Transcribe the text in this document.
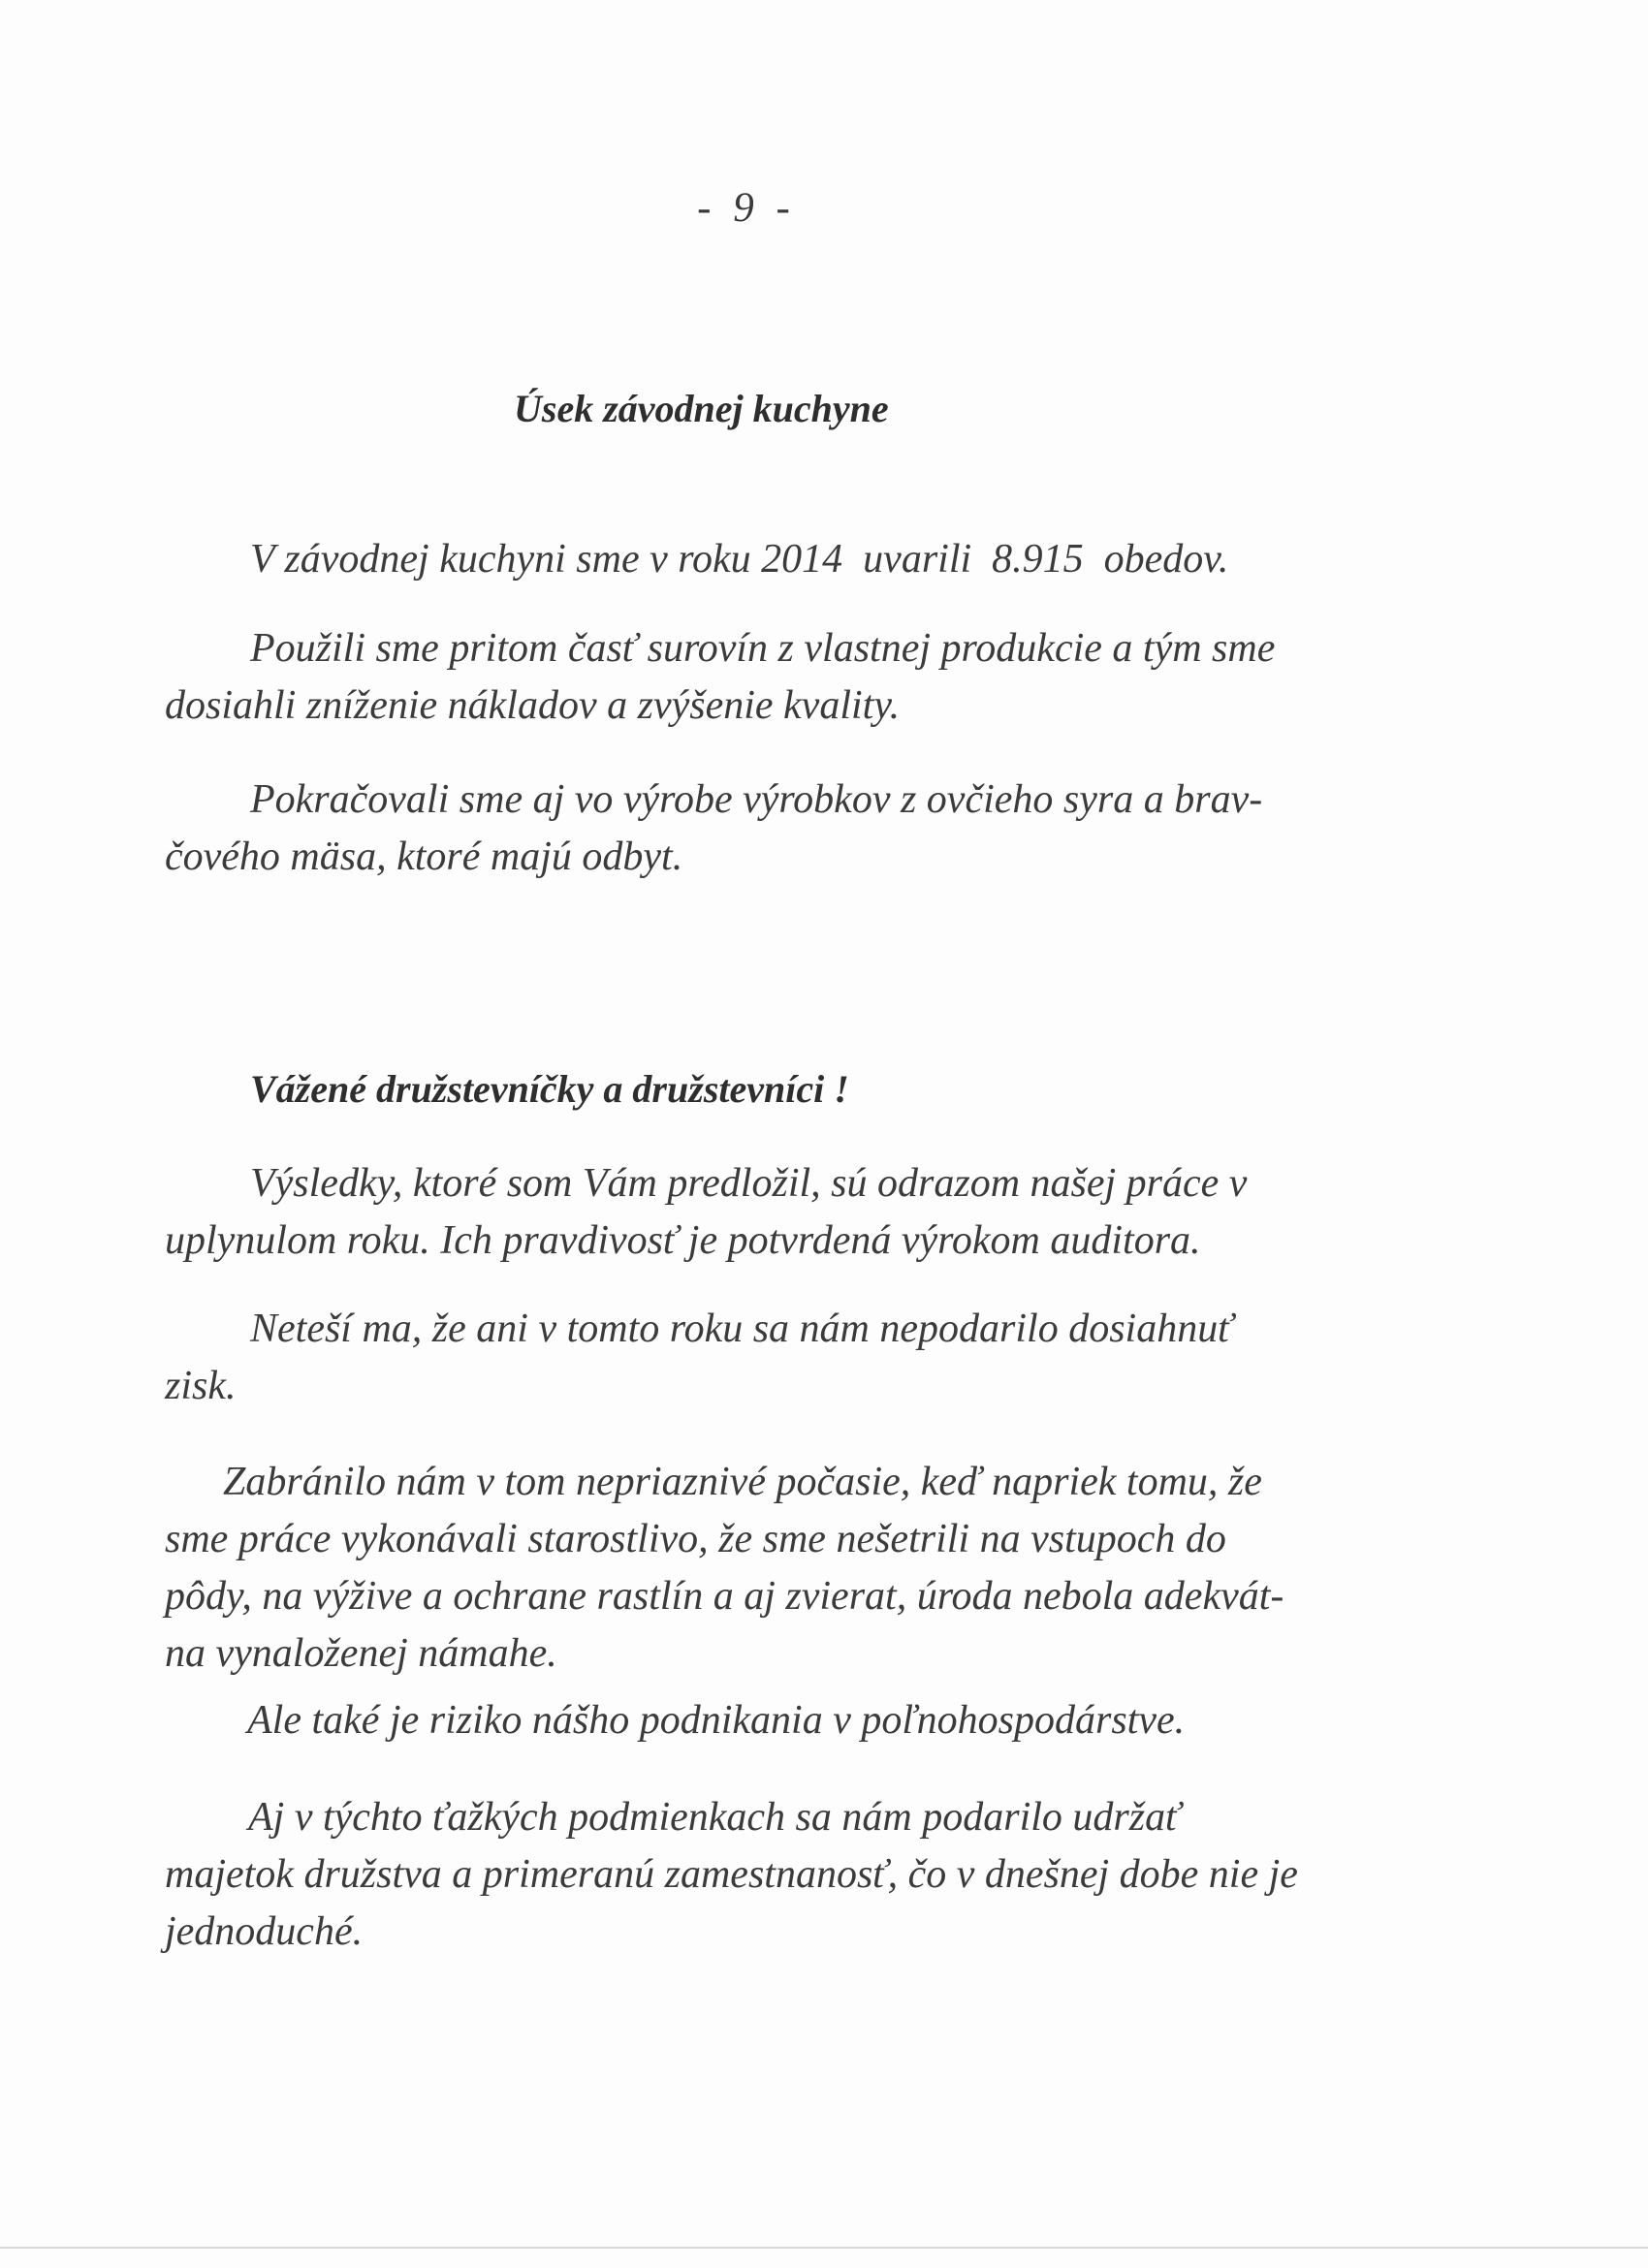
- 9 -
Úsek závodnej kuchyne
V závodnej kuchyni sme v roku 2014  uvarili  8.915  obedov.
Použili sme pritom časť surovín z vlastnej produkcie a tým sme
dosiahli zníženie nákladov a zvýšenie kvality.
Pokračovali sme aj vo výrobe výrobkov z ovčieho syra a brav-
čového mäsa, ktoré majú odbyt.
Vážené družstevníčky a družstevníci !
Výsledky, ktoré som Vám predložil, sú odrazom našej práce v
uplynulom roku. Ich pravdivosť je potvrdená výrokom auditora.
Neteší ma, že ani v tomto roku sa nám nepodarilo dosiahnuť
zisk.
Zabránilo nám v tom nepriaznivé počasie, keď napriek tomu, že
sme práce vykonávali starostlivo, že sme nešetrili na vstupoch do
pôdy, na výžive a ochrane rastlín a aj zvierat, úroda nebola adekvát-
na vynaloženej námahe.
Ale také je riziko nášho podnikania v poľnohospodárstve.
Aj v týchto ťažkých podmienkach sa nám podarilo udržať
majetok družstva a primeranú zamestnanosť, čo v dnešnej dobe nie je
jednoduché.
